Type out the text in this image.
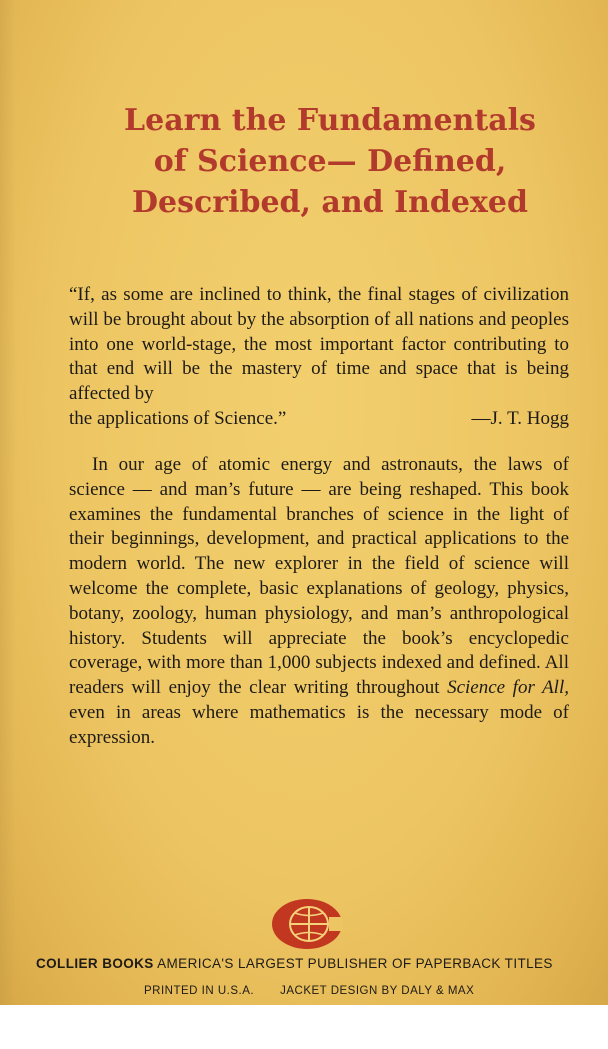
Learn the Fundamentals
of Science— Defined,
Described, and Indexed
“If, as some are inclined to think, the final stages of civilization will be brought about by the absorption of all nations and peoples into one world-stage, the most important factor contributing to that end will be the mastery of time and space that is being affected by
the applications of Science.”	—J. T. Hogg

In our age of atomic energy and astronauts, the laws of science — and man’s future — are being reshaped. This book examines the fundamental branches of science in the light of their beginnings, development, and practical applications to the modern world. The new explorer in the field of science will welcome the complete, basic explanations of geology, physics, botany, zoology, human physiology, and man’s anthropological history. Students will appreciate the book’s encyclopedic coverage, with more than 1,000 subjects indexed and defined. All readers will enjoy the clear writing throughout Science for All, even in areas where mathematics is the necessary mode of expression.

COLLIER BOOKS AMERICA'S LARGEST PUBLISHER OF PAPERBACK TITLES
PRINTED IN U.S.A. JACKET DESIGN BY DALY & MAX
